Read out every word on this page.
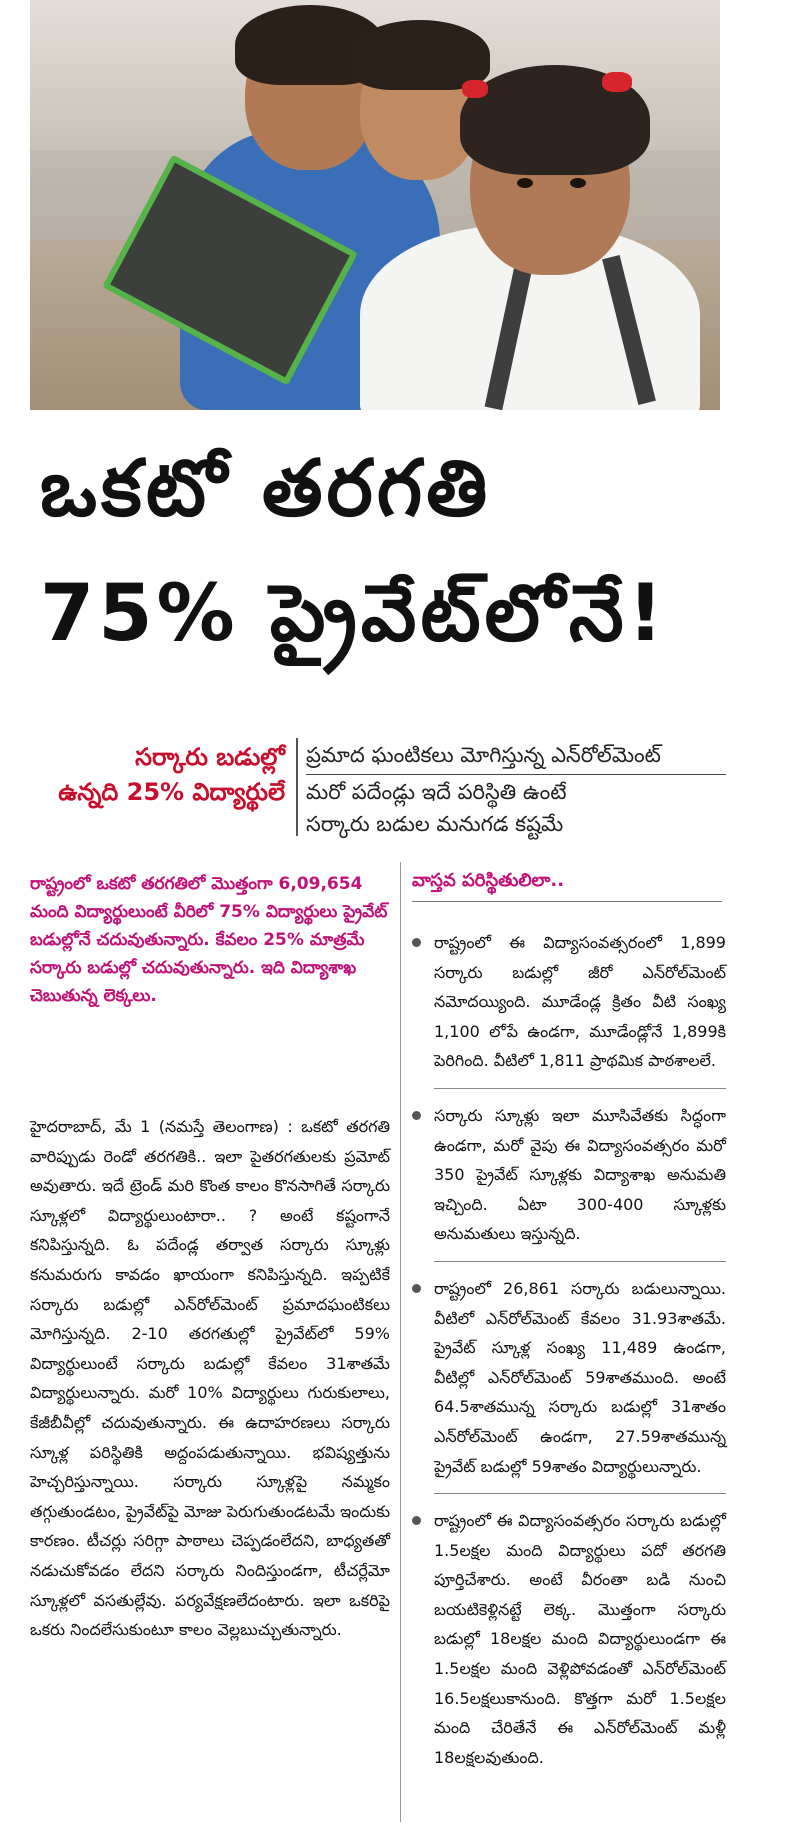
ఒకటో తరగతి
75% ప్రైవేట్‌లోనే!
సర్కారు బడుల్లో
ఉన్నది 25% విద్యార్థులే
ప్రమాద ఘంటికలు మోగిస్తున్న ఎన్‌రోల్‌మెంట్
మరో పదేండ్లు ఇదే పరిస్థితి ఉంటే
సర్కారు బడుల మనుగడ కష్టమే
రాష్ట్రంలో ఒకటో తరగతిలో మొత్తంగా 6,09,654 మంది విద్యార్థులుంటే వీరిలో 75% విద్యార్థులు ప్రైవేట్ బడుల్లోనే చదువుతున్నారు. కేవలం 25% మాత్రమే సర్కారు బడుల్లో చదువుతున్నారు. ఇది విద్యాశాఖ చెబుతున్న లెక్కలు.
హైదరాబాద్, మే 1 (నమస్తే తెలంగాణ) : ఒకటో తరగతి వారిప్పుడు రెండో తరగతికి.. ఇలా పైతరగతులకు ప్రమోట్ అవుతారు. ఇదే ట్రెండ్ మరి కొంత కాలం కొనసాగితే సర్కారు స్కూళ్లలో విద్యార్థులుంటారా.. ? అంటే కష్టంగానే కనిపిస్తున్నది. ఓ పదేండ్ల తర్వాత సర్కారు స్కూళ్లు కనుమరుగు కావడం ఖాయంగా కనిపిస్తున్నది. ఇప్పటికే సర్కారు బడుల్లో ఎన్‌రోల్‌మెంట్ ప్రమాదఘంటికలు మోగిస్తున్నది. 2-10 తరగతుల్లో ప్రైవేట్‌లో 59% విద్యార్థులుంటే సర్కారు బడుల్లో కేవలం 31శాతమే విద్యార్థులున్నారు. మరో 10% విద్యార్థులు గురుకులాలు, కేజీబీవీల్లో చదువుతున్నారు. ఈ ఉదాహరణలు సర్కారు స్కూళ్ల పరిస్థితికి అద్దంపడుతున్నాయి. భవిష్యత్తును హెచ్చరిస్తున్నాయి. సర్కారు స్కూళ్లపై నమ్మకం తగ్గుతుండటం, ప్రైవేట్‌పై మోజు పెరుగుతుండటమే ఇందుకు కారణం. టీచర్లు సరిగ్గా పాఠాలు చెప్పడంలేదని, బాధ్యతతో నడుచుకోవడం లేదని సర్కారు నిందిస్తుండగా, టీచర్లేమో స్కూళ్లలో వసతుల్లేవు. పర్యవేక్షణలేదంటారు. ఇలా ఒకరిపై ఒకరు నిందలేసుకుంటూ కాలం వెల్లబుచ్చుతున్నారు.
వాస్తవ పరిస్థితులిలా..
రాష్ట్రంలో ఈ విద్యాసంవత్సరంలో 1,899 సర్కారు బడుల్లో జీరో ఎన్‌రోల్‌మెంట్ నమోదయ్యింది. మూడేండ్ల క్రితం వీటి సంఖ్య 1,100 లోపే ఉండగా, మూడేండ్లోనే 1,899కి పెరిగింది. వీటిలో 1,811 ప్రాథమిక పాఠశాలలే.
సర్కారు స్కూళ్లు ఇలా మూసివేతకు సిద్ధంగా ఉండగా, మరో వైపు ఈ విద్యాసంవత్సరం మరో 350 ప్రైవేట్ స్కూళ్లకు విద్యాశాఖ అనుమతి ఇచ్చింది. ఏటా 300-400 స్కూళ్లకు అనుమతులు ఇస్తున్నది.
రాష్ట్రంలో 26,861 సర్కారు బడులున్నాయి. వీటిలో ఎన్‌రోల్‌మెంట్ కేవలం 31.93శాతమే. ప్రైవేట్ స్కూళ్ల సంఖ్య 11,489 ఉండగా, వీటిల్లో ఎన్‌రోల్‌మెంట్ 59శాతముంది. అంటే 64.5శాతమున్న సర్కారు బడుల్లో 31శాతం ఎన్‌రోల్‌మెంట్ ఉండగా, 27.59శాతమున్న ప్రైవేట్ బడుల్లో 59శాతం విద్యార్థులున్నారు.
రాష్ట్రంలో ఈ విద్యాసంవత్సరం సర్కారు బడుల్లో 1.5లక్షల మంది విద్యార్థులు పదో తరగతి పూర్తిచేశారు. అంటే వీరంతా బడి నుంచి బయటికెళ్లినట్టే లెక్క. మొత్తంగా సర్కారు బడుల్లో 18లక్షల మంది విద్యార్థులుండగా ఈ 1.5లక్షల మంది వెళ్లిపోవడంతో ఎన్‌రోల్‌మెంట్ 16.5లక్షలుకానుంది. కొత్తగా మరో 1.5లక్షల మంది చేరితేనే ఈ ఎన్‌రోల్‌మెంట్ మళ్లీ 18లక్షలవుతుంది.
